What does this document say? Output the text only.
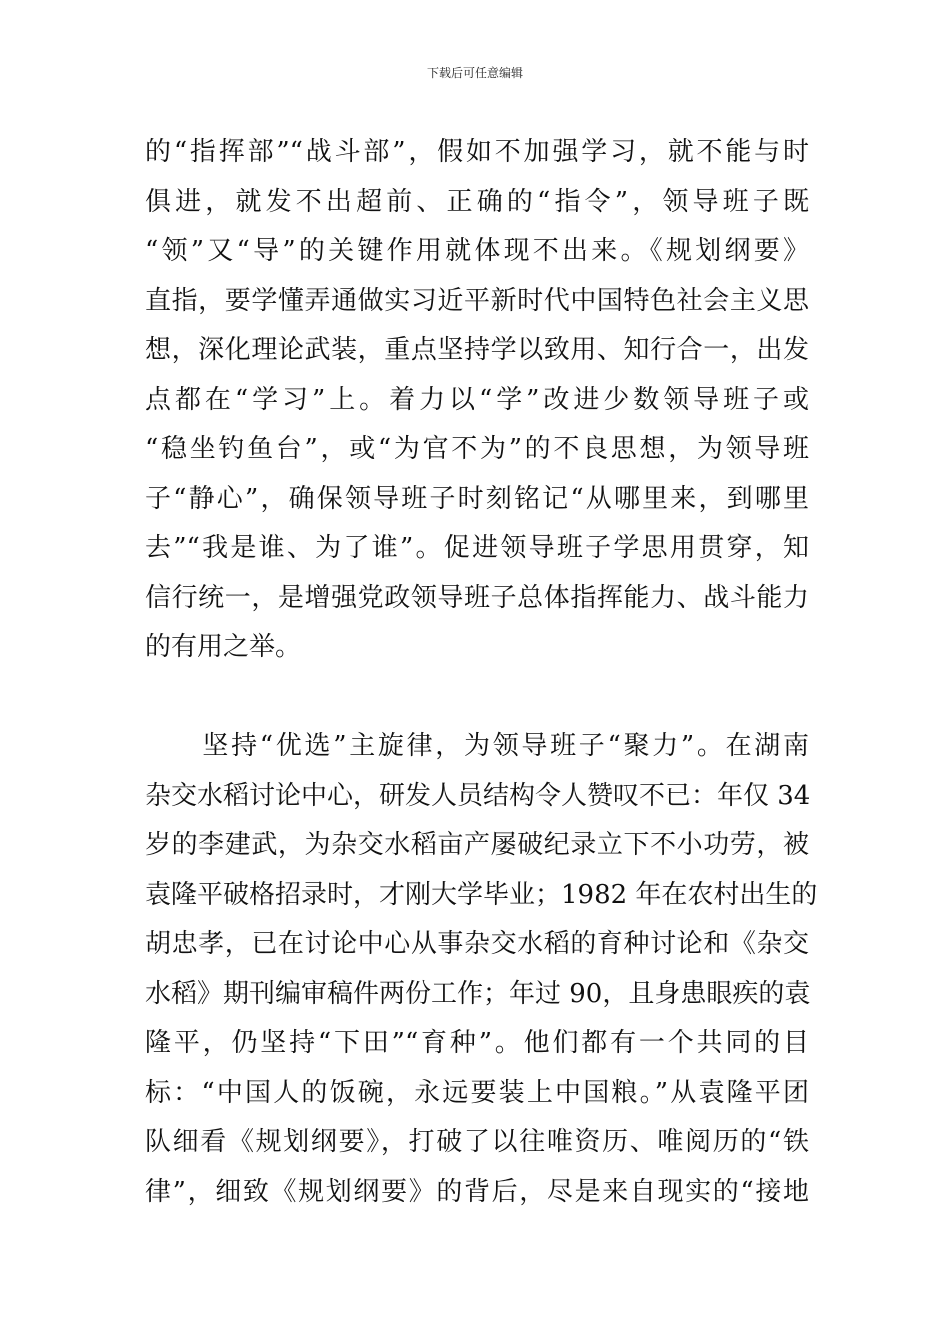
下载后可任意编辑
的“指挥部”“战斗部”，假如不加强学习，就不能与时
俱进，就发不出超前、正确的“指令”，领导班子既
“领”又“导”的关键作用就体现不出来。《规划纲要》
直指，要学懂弄通做实习近平新时代中国特色社会主义思
想，深化理论武装，重点坚持学以致用、知行合一，出发
点都在“学习”上。着力以“学”改进少数领导班子或
“稳坐钓鱼台”，或“为官不为”的不良思想，为领导班
子“静心”，确保领导班子时刻铭记“从哪里来，到哪里
去”“我是谁、为了谁”。促进领导班子学思用贯穿，知
信行统一，是增强党政领导班子总体指挥能力、战斗能力
的有用之举。
　　坚持“优选”主旋律，为领导班子“聚力”。在湖南
杂交水稻讨论中心，研发人员结构令人赞叹不已：年仅 34
岁的李建武，为杂交水稻亩产屡破纪录立下不小功劳，被
袁隆平破格招录时，才刚大学毕业；1982 年在农村出生的
胡忠孝，已在讨论中心从事杂交水稻的育种讨论和《杂交
水稻》期刊编审稿件两份工作；年过 90，且身患眼疾的袁
隆平，仍坚持“下田”“育种”。他们都有一个共同的目
标：“中国人的饭碗，永远要装上中国粮。”从袁隆平团
队细看《规划纲要》，打破了以往唯资历、唯阅历的“铁
律”，细致《规划纲要》的背后，尽是来自现实的“接地
